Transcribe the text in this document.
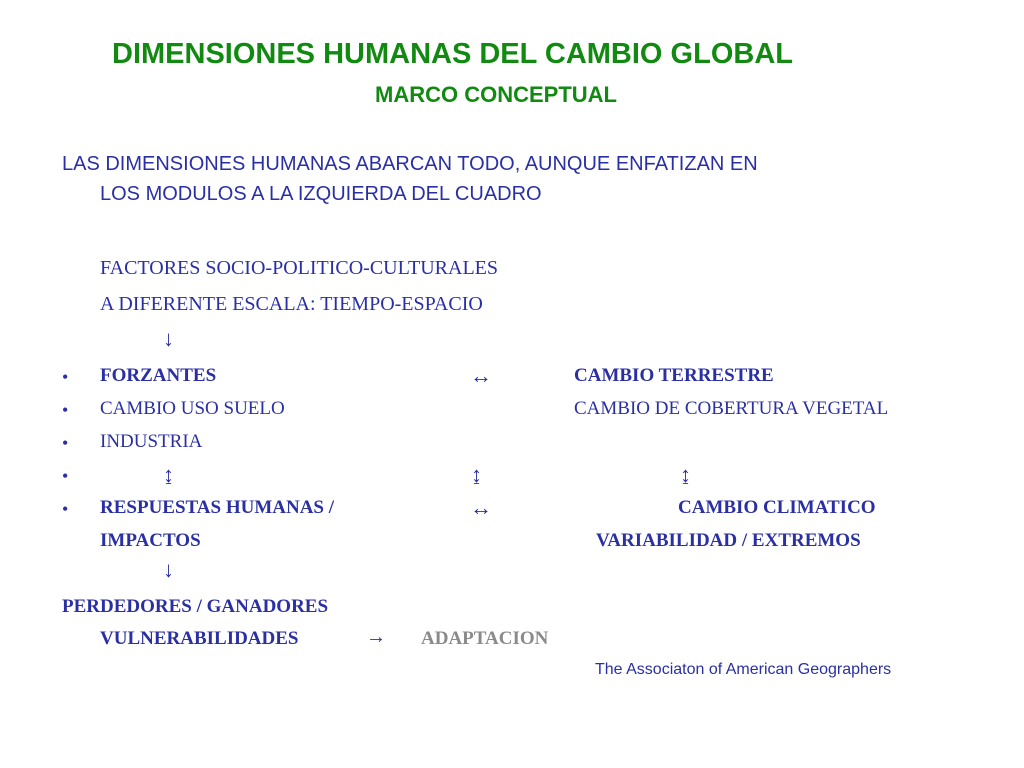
DIMENSIONES HUMANAS DEL CAMBIO GLOBAL
MARCO CONCEPTUAL
LAS DIMENSIONES HUMANAS ABARCAN TODO, AUNQUE ENFATIZAN EN
LOS MODULOS A LA IZQUIERDA DEL CUADRO
FACTORES SOCIO-POLITICO-CULTURALES
A DIFERENTE ESCALA: TIEMPO-ESPACIO
↓
•
•
•
•
•
FORZANTES	↔	CAMBIO TERRESTRE
CAMBIO USO SUELO	CAMBIO DE COBERTURA VEGETAL
INDUSTRIA
↨	↨	↨
RESPUESTAS HUMANAS /	↔	CAMBIO CLIMATICO
IMPACTOS	VARIABILIDAD / EXTREMOS
↓
PERDEDORES / GANADORES
VULNERABILIDADES	→ ADAPTACION
The Associaton of American Geographers
